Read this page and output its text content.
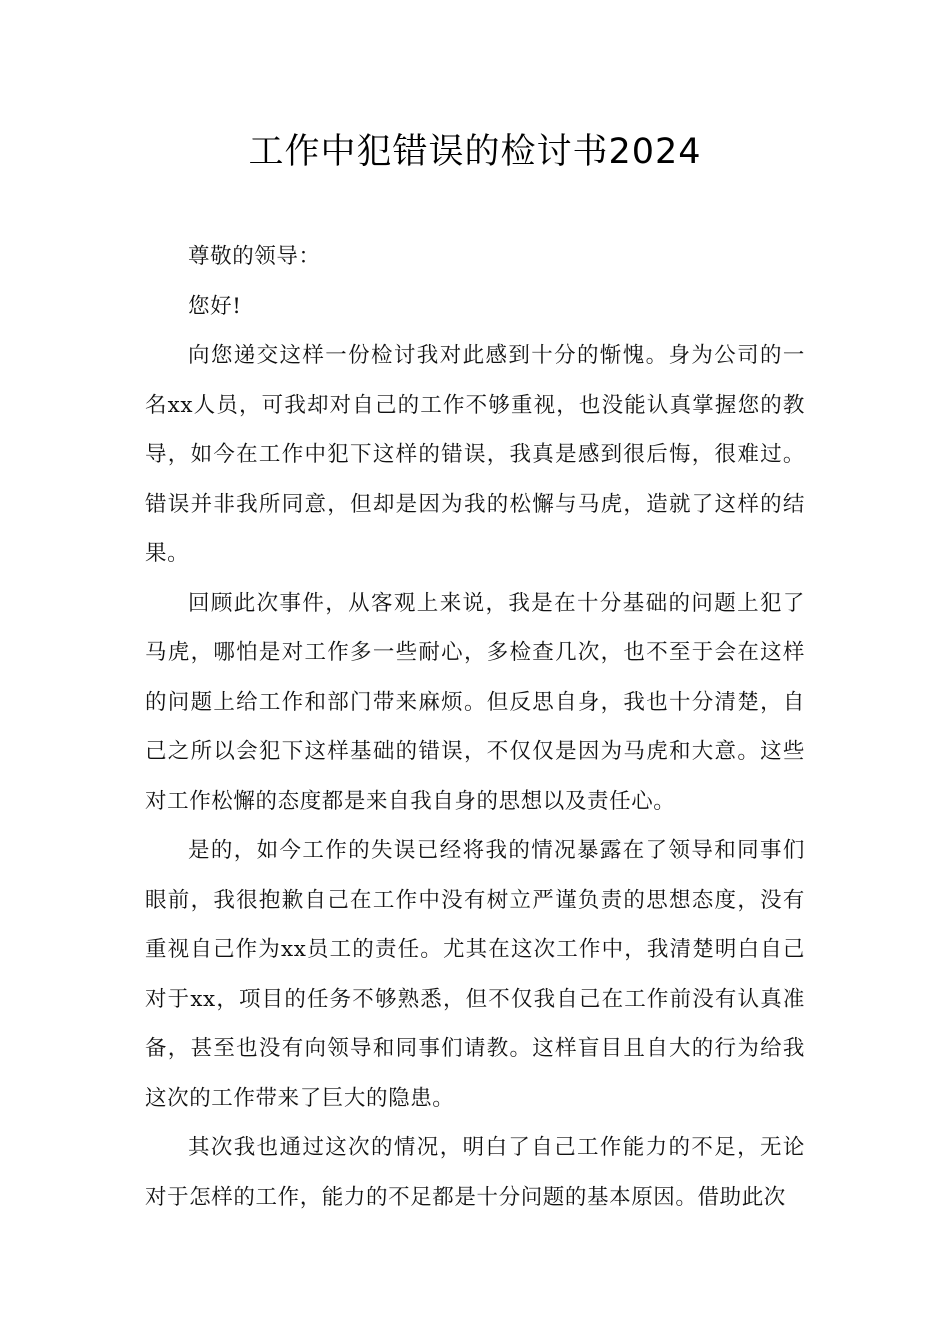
工作中犯错误的检讨书2024

尊敬的领导：

您好!

向您递交这样一份检讨我对此感到十分的惭愧。身为公司的一名xx人员，可我却对自己的工作不够重视，也没能认真掌握您的教导，如今在工作中犯下这样的错误，我真是感到很后悔，很难过。错误并非我所同意，但却是因为我的松懈与马虎，造就了这样的结果。

回顾此次事件，从客观上来说，我是在十分基础的问题上犯了马虎，哪怕是对工作多一些耐心，多检查几次，也不至于会在这样的问题上给工作和部门带来麻烦。但反思自身，我也十分清楚，自己之所以会犯下这样基础的错误，不仅仅是因为马虎和大意。这些对工作松懈的态度都是来自我自身的思想以及责任心。

是的，如今工作的失误已经将我的情况暴露在了领导和同事们眼前，我很抱歉自己在工作中没有树立严谨负责的思想态度，没有重视自己作为xx员工的责任。尤其在这次工作中，我清楚明白自己对于xx，项目的任务不够熟悉，但不仅我自己在工作前没有认真准备，甚至也没有向领导和同事们请教。这样盲目且自大的行为给我这次的工作带来了巨大的隐患。

其次我也通过这次的情况，明白了自己工作能力的不足，无论对于怎样的工作，能力的不足都是十分问题的基本原因。借助此次
